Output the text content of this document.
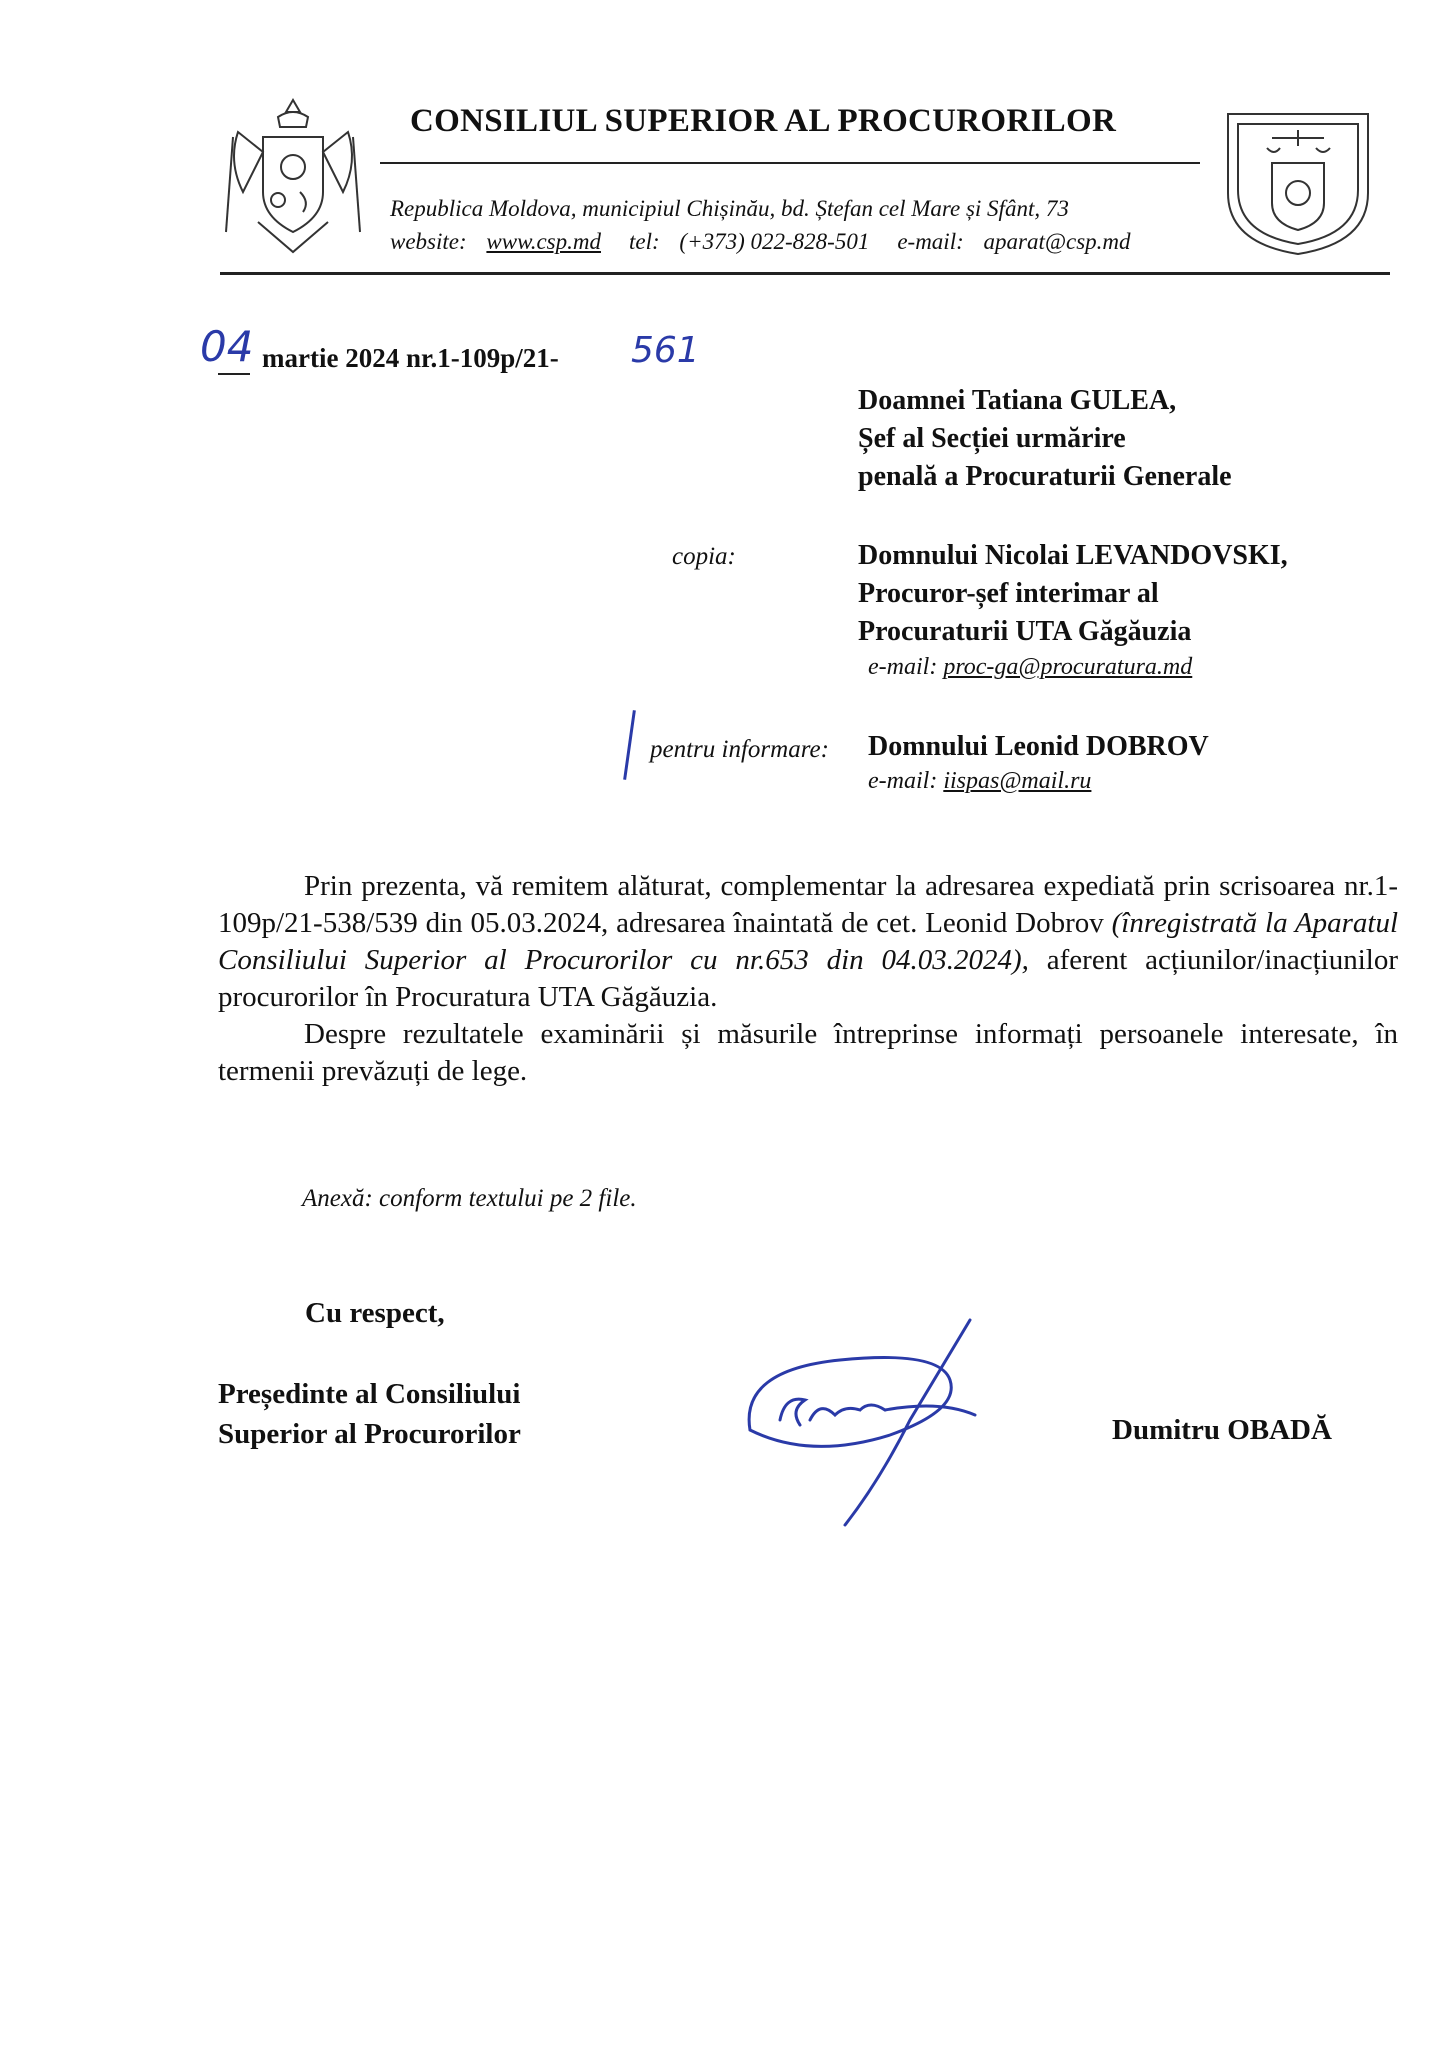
CONSILIUL SUPERIOR AL PROCURORILOR
Republica Moldova, municipiul Chișinău, bd. Ștefan cel Mare și Sfânt, 73
website: www.csp.md tel: (+373) 022-828-501 e-mail: aparat@csp.md
04 martie 2024 nr.1-109p/21- 561
Doamnei Tatiana GULEA,
Șef al Secției urmărire
penală a Procuraturii Generale
copia:	Domnului Nicolai LEVANDOVSKI,
Procuror-șef interimar al
Procuraturii UTA Găgăuzia
e-mail: proc-ga@procuratura.md
pentru informare: Domnului Leonid DOBROV
e-mail: iispas@mail.ru

Prin prezenta, vă remitem alăturat, complementar la adresarea expediată prin scrisoarea nr.1-109p/21-538/539 din 05.03.2024, adresarea înaintată de cet. Leonid Dobrov (înregistrată la Aparatul Consiliului Superior al Procurorilor cu nr.653 din 04.03.2024), aferent acțiunilor/inacțiunilor procurorilor în Procuratura UTA Găgăuzia.

Despre rezultatele examinării și măsurile întreprinse informați persoanele interesate, în termenii prevăzuți de lege.

Anexă: conform textului pe 2 file.
Cu respect,
Președinte al Consiliului
Superior al Procurorilor	Dumitru OBADĂ
